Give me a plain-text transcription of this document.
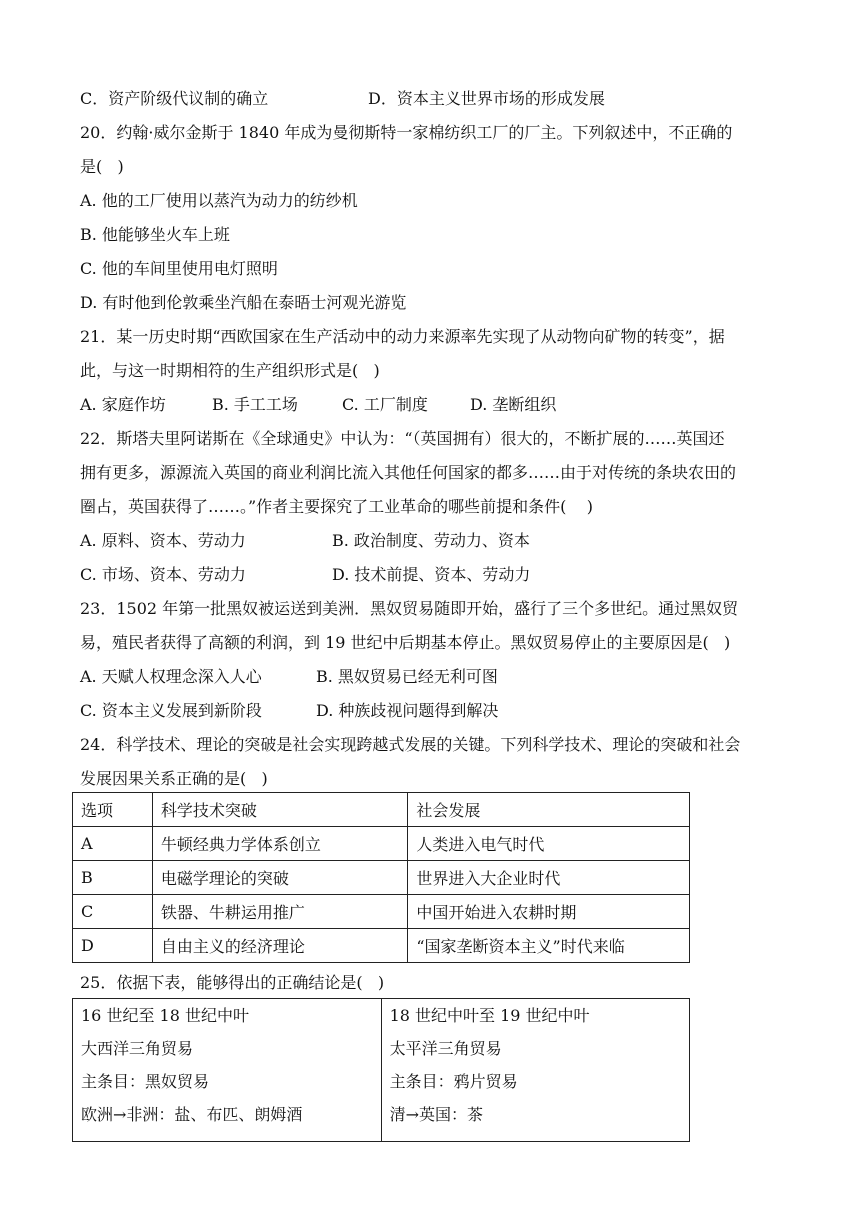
C．资产阶级代议制的确立	D．资本主义世界市场的形成发展
20．约翰·威尔金斯于 1840 年成为曼彻斯特一家棉纺织工厂的厂主。下列叙述中，不正确的
是(   )
A. 他的工厂使用以蒸汽为动力的纺纱机
B. 他能够坐火车上班
C. 他的车间里使用电灯照明
D. 有时他到伦敦乘坐汽船在泰晤士河观光游览
21．某一历史时期“西欧国家在生产活动中的动力来源率先实现了从动物向矿物的转变”，据
此，与这一时期相符的生产组织形式是(   )
A. 家庭作坊	B. 手工工场	C. 工厂制度	D. 垄断组织
22．斯塔夫里阿诺斯在《全球通史》中认为：“（英国拥有）很大的，不断扩展的……英国还
拥有更多，源源流入英国的商业利润比流入其他任何国家的都多……由于对传统的条块农田的
圈占，英国获得了……。”作者主要探究了工业革命的哪些前提和条件(    )
A. 原料、资本、劳动力	B. 政治制度、劳动力、资本
C. 市场、资本、劳动力	D. 技术前提、资本、劳动力
23．1502 年第一批黑奴被运送到美洲．黑奴贸易随即开始，盛行了三个多世纪。通过黑奴贸
易，殖民者获得了高额的利润，到 19 世纪中后期基本停止。黑奴贸易停止的主要原因是(   )
A. 天赋人权理念深入人心	B. 黑奴贸易已经无利可图
C. 资本主义发展到新阶段	D. 种族歧视问题得到解决
24．科学技术、理论的突破是社会实现跨越式发展的关键。下列科学技术、理论的突破和社会
发展因果关系正确的是(   )
选项	科学技术突破	社会发展
A	牛顿经典力学体系创立	人类进入电气时代
B	电磁学理论的突破	世界进入大企业时代
C	铁器、牛耕运用推广	中国开始进入农耕时期
D	自由主义的经济理论	“国家垄断资本主义”时代来临
25．依据下表，能够得出的正确结论是(   )
16 世纪至 18 世纪中叶
大西洋三角贸易
主条目：黑奴贸易
欧洲→非洲：盐、布匹、朗姆酒

18 世纪中叶至 19 世纪中叶
太平洋三角贸易
主条目：鸦片贸易
清→英国：茶
